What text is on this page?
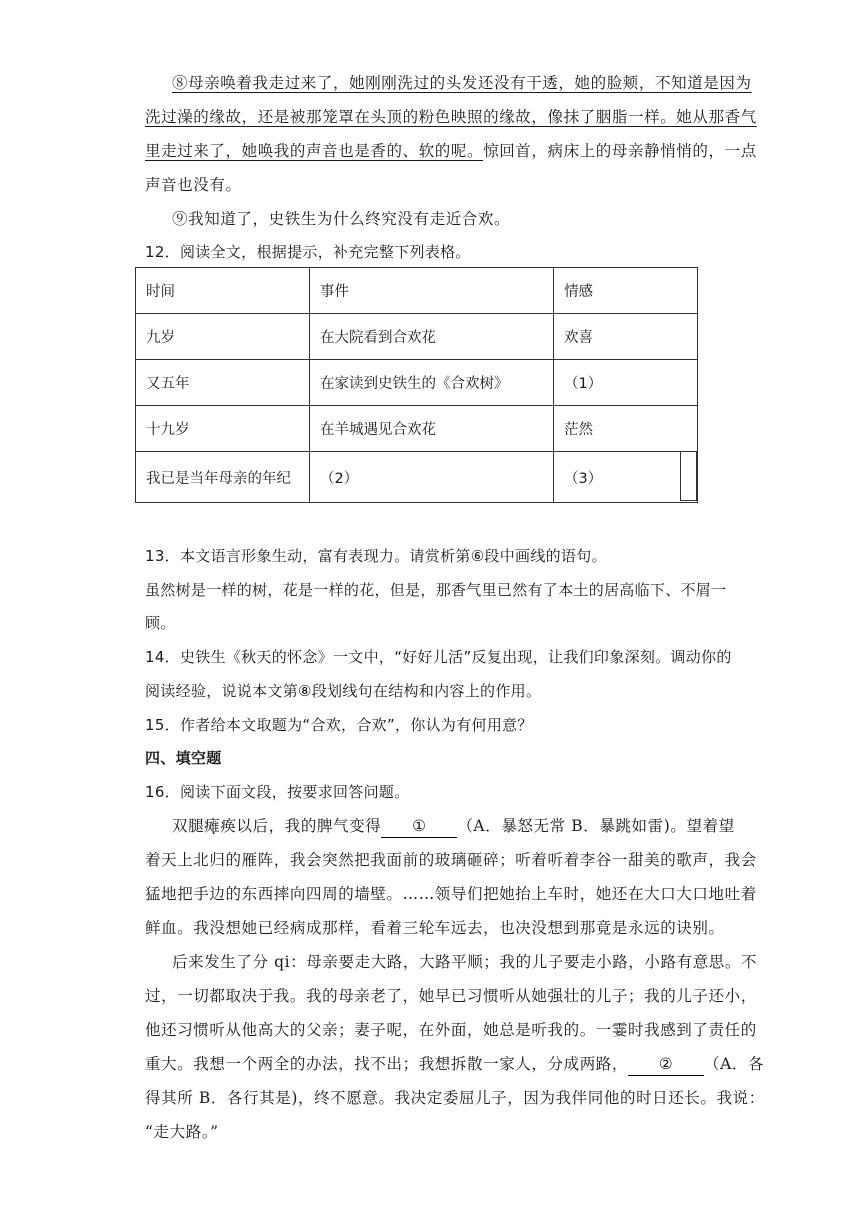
⑧母亲唤着我走过来了，她刚刚洗过的头发还没有干透，她的脸颊，不知道是因为
洗过澡的缘故，还是被那笼罩在头顶的粉色映照的缘故，像抹了胭脂一样。她从那香气
里走过来了，她唤我的声音也是香的、软的呢。惊回首，病床上的母亲静悄悄的，一点
声音也没有。
⑨我知道了，史铁生为什么终究没有走近合欢。
12．阅读全文，根据提示，补充完整下列表格。
时间	事件	情感
九岁	在大院看到合欢花	欢喜
又五年	在家读到史铁生的《合欢树》	（1）
十九岁	在羊城遇见合欢花	茫然
我已是当年母亲的年纪	（2）	（3）
13．本文语言形象生动，富有表现力。请赏析第⑥段中画线的语句。
虽然树是一样的树，花是一样的花，但是，那香气里已然有了本土的居高临下、不屑一
顾。
14．史铁生《秋天的怀念》一文中，“好好儿活”反复出现，让我们印象深刻。调动你的
阅读经验，说说本文第⑧段划线句在结构和内容上的作用。
15．作者给本文取题为“合欢，合欢”，你认为有何用意？
四、填空题
16．阅读下面文段，按要求回答问题。
双腿瘫痪以后，我的脾气变得 ① （A．暴怒无常 B．暴跳如雷)。望着望
着天上北归的雁阵，我会突然把我面前的玻璃砸碎；听着听着李谷一甜美的歌声，我会
猛地把手边的东西摔向四周的墙壁。……领导们把她抬上车时，她还在大口大口地吐着
鲜血。我没想她已经病成那样，看着三轮车远去，也决没想到那竟是永远的诀别。
后来发生了分 qi：母亲要走大路，大路平顺；我的儿子要走小路，小路有意思。不
过，一切都取决于我。我的母亲老了，她早已习惯听从她强壮的儿子；我的儿子还小，
他还习惯听从他高大的父亲；妻子呢，在外面，她总是听我的。一霎时我感到了责任的
重大。我想一个两全的办法，找不出；我想拆散一家人，分成两路， ② （A．各
得其所 B．各行其是)，终不愿意。我决定委屈儿子，因为我伴同他的时日还长。我说：
“走大路。”
